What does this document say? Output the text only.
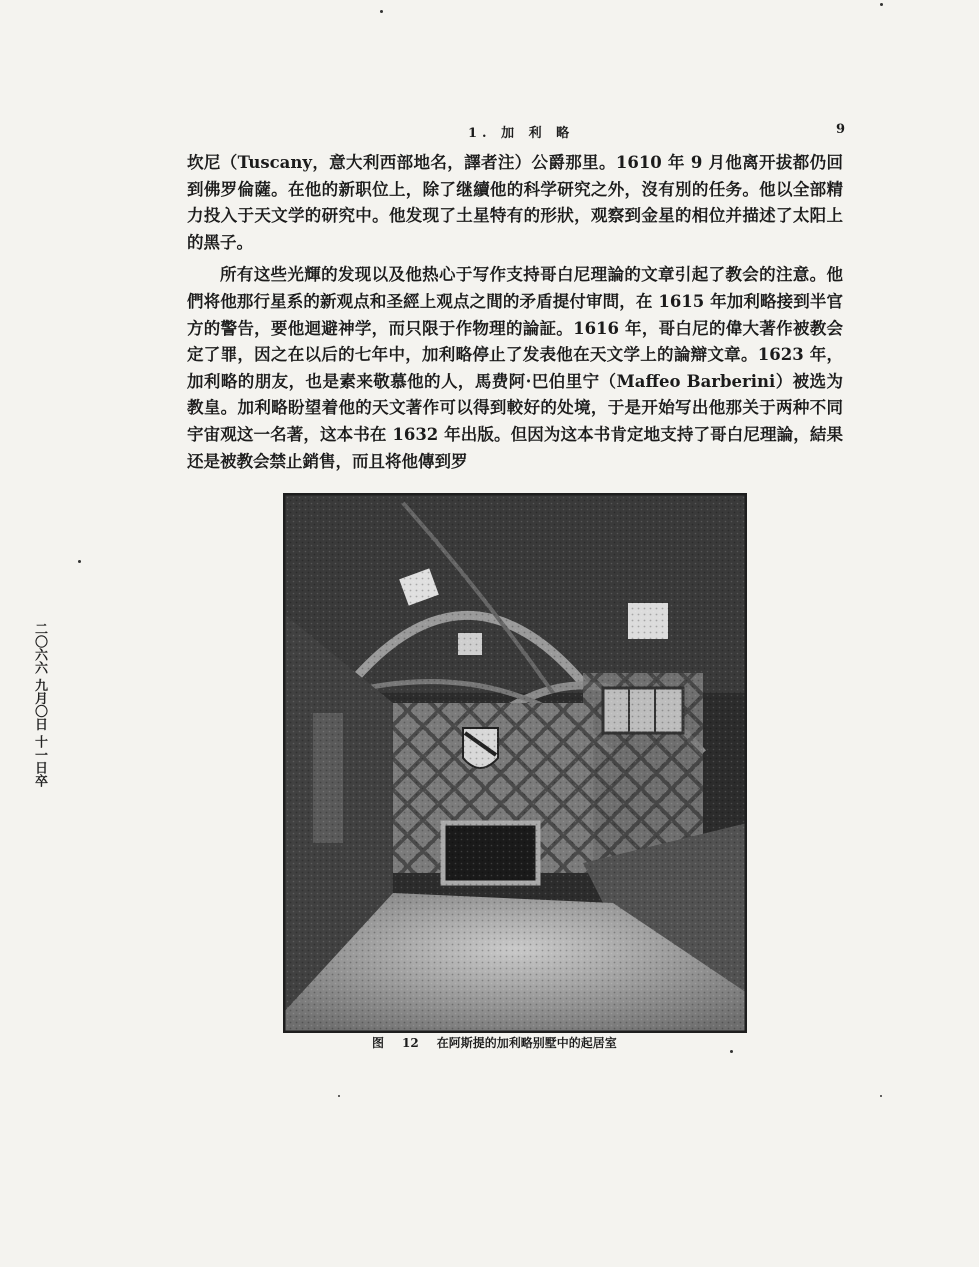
1. 加 利 略	9

坎尼（Tuscany，意大利西部地名，譯者注）公爵那里。1610 年 9 月他离开拔都仍回到佛罗倫薩。在他的新职位上，除了继續他的科学研究之外，沒有別的任务。他以全部精力投入于天文学的研究中。他发现了土星特有的形狀，观察到金星的相位并描述了太阳上的黑子。

所有这些光輝的发现以及他热心于写作支持哥白尼理論的文章引起了教会的注意。他們将他那行星系的新观点和圣經上观点之間的矛盾提付审問，在 1615 年加利略接到半官方的警告，要他迴避神学，而只限于作物理的論証。1616 年，哥白尼的偉大著作被教会定了罪，因之在以后的七年中，加利略停止了发表他在天文学上的論辯文章。1623 年，加利略的朋友，也是素来敬慕他的人，馬费阿·巴伯里宁（Maffeo Barberini）被选为教皇。加利略盼望着他的天文著作可以得到較好的处境，于是开始写出他那关于两种不同宇宙观这一名著，这本书在 1632 年出版。但因为这本书肯定地支持了哥白尼理論，結果还是被教会禁止銷售，而且将他傳到罗

图 12 在阿斯提的加利略别墅中的起居室
二〇六六 九月〇日 十一日卒
